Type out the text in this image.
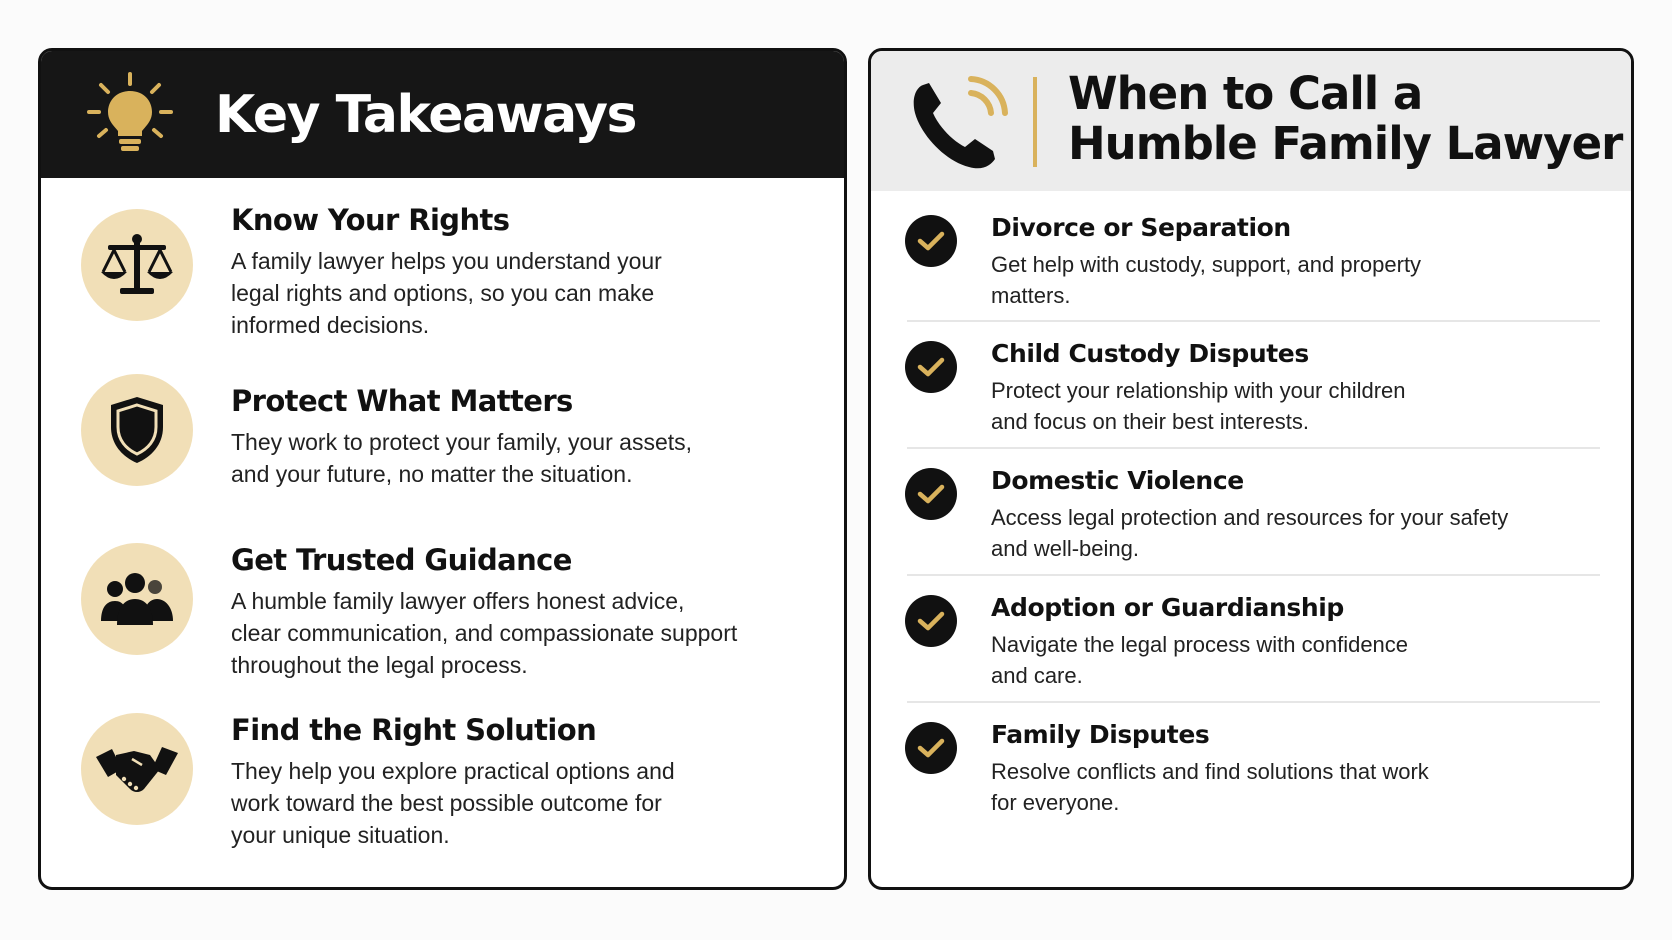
Key Takeaways
Know Your Rights
A family lawyer helps you understand your
legal rights and options, so you can make
informed decisions.
Protect What Matters
They work to protect your family, your assets,
and your future, no matter the situation.
Get Trusted Guidance
A humble family lawyer offers honest advice,
clear communication, and compassionate support
throughout the legal process.
Find the Right Solution
They help you explore practical options and
work toward the best possible outcome for
your unique situation.
When to Call a
Humble Family Lawyer
Divorce or Separation
Get help with custody, support, and property
matters.
Child Custody Disputes
Protect your relationship with your children
and focus on their best interests.
Domestic Violence
Access legal protection and resources for your safety
and well-being.
Adoption or Guardianship
Navigate the legal process with confidence
and care.
Family Disputes
Resolve conflicts and find solutions that work
for everyone.
